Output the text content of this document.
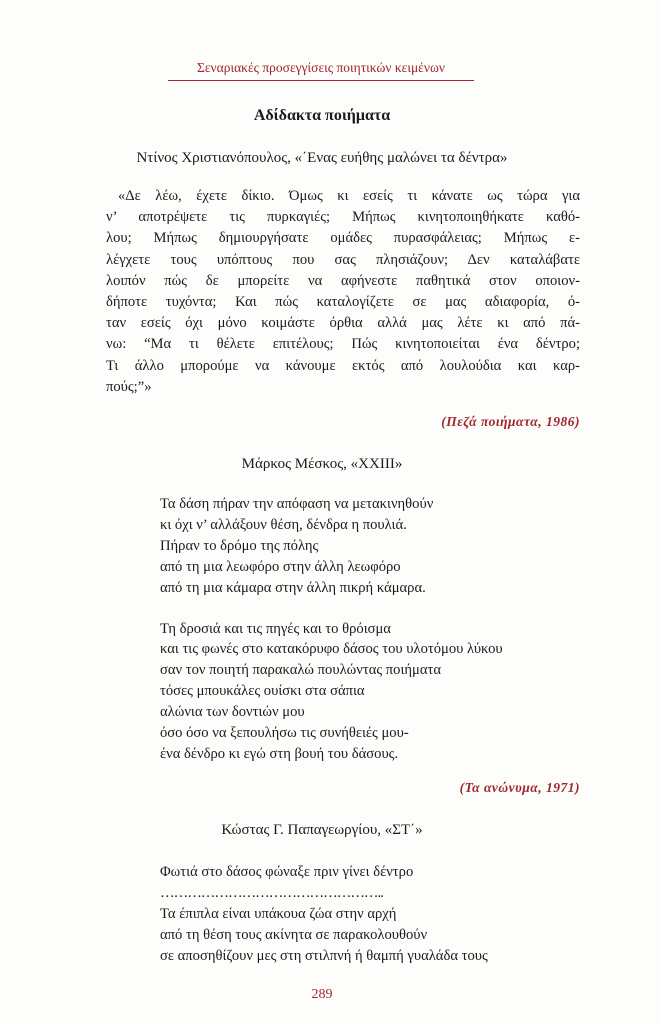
Σεναριακές προσεγγίσεις ποιητικών κειμένων
Αδίδακτα ποιήματα
Ντίνος Χριστιανόπουλος, «΄Ενας ευήθης μαλώνει τα δέντρα»
«Δε λέω, έχετε δίκιο. Όμως κι εσείς τι κάνατε ως τώρα για
ν’ αποτρέψετε τις πυρκαγιές; Μήπως κινητοποιηθήκατε καθό-
λου; Μήπως δημιουργήσατε ομάδες πυρασφάλειας; Μήπως ε-
λέγχετε τους υπόπτους που σας πλησιάζουν; Δεν καταλάβατε
λοιπόν πώς δε μπορείτε να αφήνεστε παθητικά στον οποιον-
δήποτε τυχόντα; Και πώς καταλογίζετε σε μας αδιαφορία, ό-
ταν εσείς όχι μόνο κοιμάστε όρθια αλλά μας λέτε κι από πά-
νω: “Μα τι θέλετε επιτέλους; Πώς κινητοποιείται ένα δέντρο;
Τι άλλο μπορούμε να κάνουμε εκτός από λουλούδια και καρ-
πούς;”»
(Πεζά ποιήματα, 1986)
Μάρκος Μέσκος, «XXIII»
Τα δάση πήραν την απόφαση να μετακινηθούν
κι όχι ν’ αλλάξουν θέση, δένδρα η πουλιά.
Πήραν το δρόμο της πόλης
από τη μια λεωφόρο στην άλλη λεωφόρο
από τη μια κάμαρα στην άλλη πικρή κάμαρα.
Τη δροσιά και τις πηγές και το θρόισμα
και τις φωνές στο κατακόρυφο δάσος του υλοτόμου λύκου
σαν τον ποιητή παρακαλώ πουλώντας ποιήματα
τόσες μπουκάλες ουίσκι στα σάπια
αλώνια των δοντιών μου
όσο όσο να ξεπουλήσω τις συνήθειές μου-
ένα δένδρο κι εγώ στη βουή του δάσους.
(Τα ανώνυμα, 1971)
Κώστας Γ. Παπαγεωργίου, «ΣΤ΄»
Φωτιά στο δάσος φώναξε πριν γίνει δέντρο
…………………………………………..
Τα έπιπλα είναι υπάκουα ζώα στην αρχή
από τη θέση τους ακίνητα σε παρακολουθούν
σε αποσηθίζουν μες στη στιλπνή ή θαμπή γυαλάδα τους
289
